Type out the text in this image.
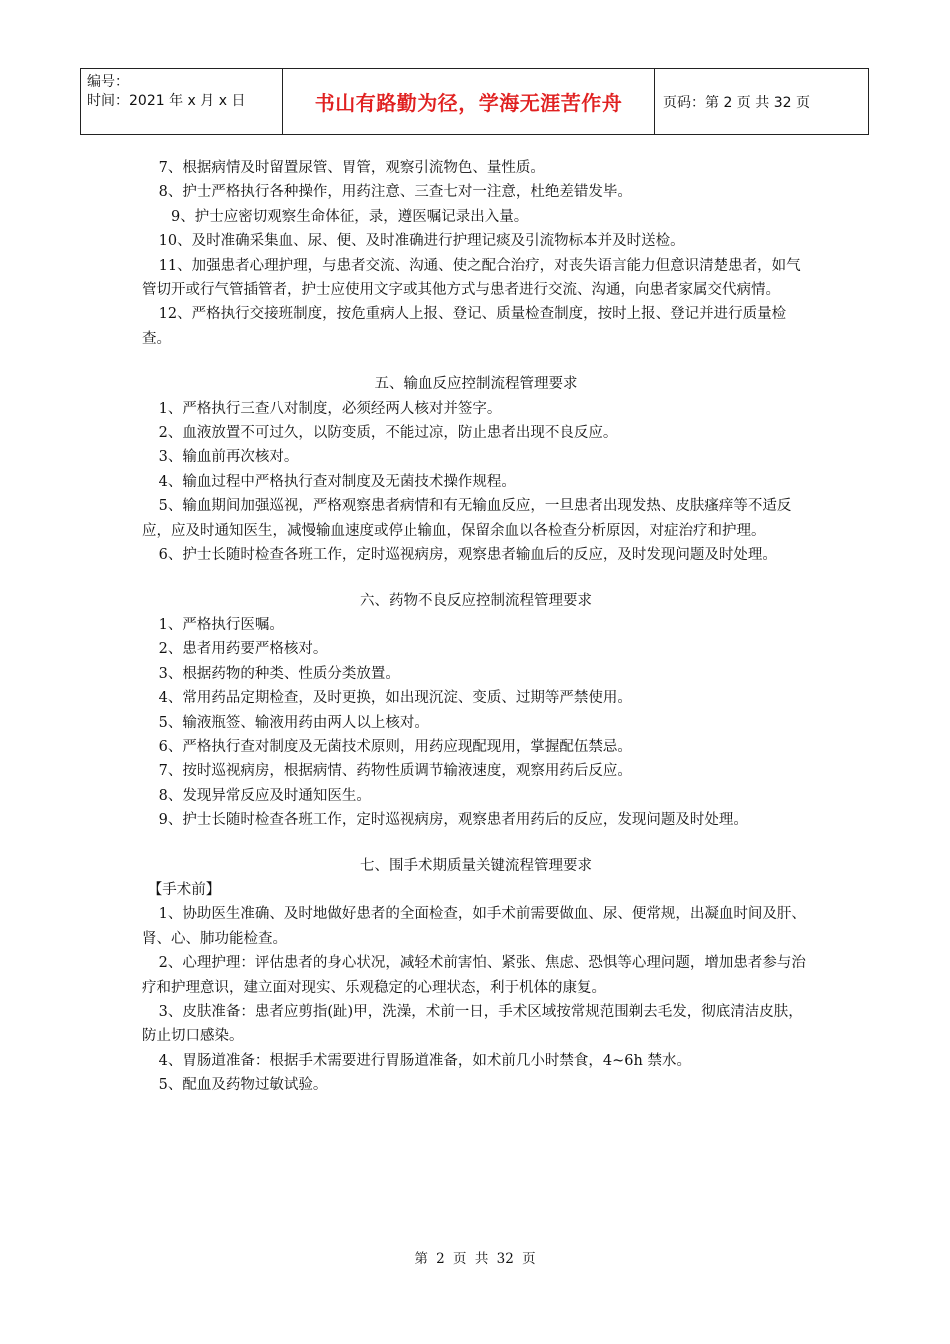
编号：
时间：2021 年 x 月 x 日	书山有路勤为径，学海无涯苦作舟	页码：第 2 页 共 32 页

7、根据病情及时留置尿管、胃管，观察引流物色、量性质。

8、护士严格执行各种操作，用药注意、三查七对一注意，杜绝差错发毕。

9、护士应密切观察生命体征，录，遵医嘱记录出入量。

10、及时准确采集血、尿、便、及时准确进行护理记痰及引流物标本并及时送检。

11、加强患者心理护理，与患者交流、沟通、使之配合治疗，对丧失语言能力但意识清楚患者，如气管切开或行气管插管者，护士应使用文字或其他方式与患者进行交流、沟通，向患者家属交代病情。

12、严格执行交接班制度，按危重病人上报、登记、质量检查制度，按时上报、登记并进行质量检查。

五、输血反应控制流程管理要求

1、严格执行三查八对制度，必须经两人核对并签字。

2、血液放置不可过久，以防变质，不能过凉，防止患者出现不良反应。

3、输血前再次核对。

4、输血过程中严格执行查对制度及无菌技术操作规程。

5、输血期间加强巡视，严格观察患者病情和有无输血反应，一旦患者出现发热、皮肤瘙痒等不适反应，应及时通知医生，减慢输血速度或停止输血，保留余血以各检查分析原因，对症治疗和护理。

6、护士长随时检查各班工作，定时巡视病房，观察患者输血后的反应，及时发现问题及时处理。

六、药物不良反应控制流程管理要求

1、严格执行医嘱。

2、患者用药要严格核对。

3、根据药物的种类、性质分类放置。

4、常用药品定期检查，及时更换，如出现沉淀、变质、过期等严禁使用。

5、输液瓶签、输液用药由两人以上核对。

6、严格执行查对制度及无菌技术原则，用药应现配现用，掌握配伍禁忌。

7、按时巡视病房，根据病情、药物性质调节输液速度，观察用药后反应。

8、发现异常反应及时通知医生。

9、护士长随时检查各班工作，定时巡视病房，观察患者用药后的反应，发现问题及时处理。

七、围手术期质量关键流程管理要求

【手术前】

1、协助医生准确、及时地做好患者的全面检查，如手术前需要做血、尿、便常规，出凝血时间及肝、肾、心、肺功能检查。

2、心理护理：评估患者的身心状况，减轻术前害怕、紧张、焦虑、恐惧等心理问题，增加患者参与治疗和护理意识，建立面对现实、乐观稳定的心理状态，利于机体的康复。

3、皮肤准备：患者应剪指(趾)甲，洗澡，术前一日，手术区域按常规范围剃去毛发，彻底清洁皮肤，防止切口感染。

4、胃肠道准备：根据手术需要进行胃肠道准备，如术前几小时禁食，4~6h 禁水。

5、配血及药物过敏试验。

第 2 页 共 32 页
